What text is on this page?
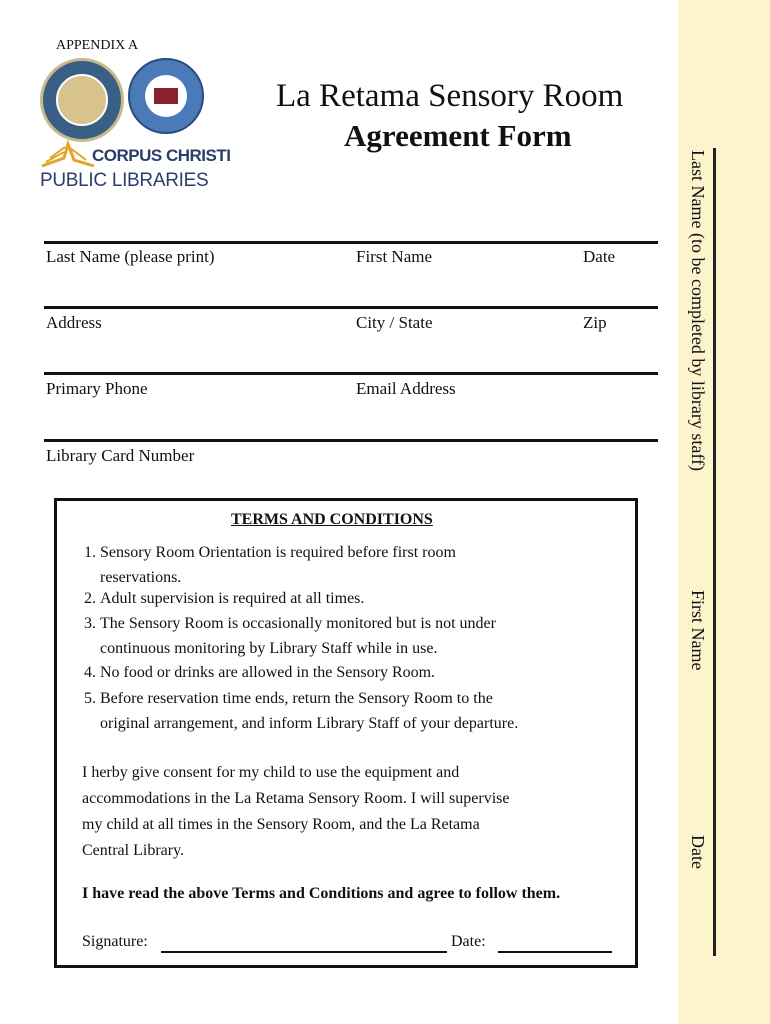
APPENDIX A
CORPUS CHRISTI
PUBLIC LIBRARIES
La Retama Sensory Room
Agreement Form
Last Name (please print)	First Name	Date
Address	City / State	Zip
Primary Phone	Email Address
Library Card Number
TERMS AND CONDITIONS
1. Sensory Room Orientation is required before first room
reservations.
2. Adult supervision is required at all times.
3. The Sensory Room is occasionally monitored but is not under
continuous monitoring by Library Staff while in use.
4. No food or drinks are allowed in the Sensory Room.
5. Before reservation time ends, return the Sensory Room to the
original arrangement, and inform Library Staff of your departure.
I herby give consent for my child to use the equipment and
accommodations in the La Retama Sensory Room. I will supervise
my child at all times in the Sensory Room, and the La Retama
Central Library.
I have read the above Terms and Conditions and agree to follow them.
Signature:	Date:
Last Name (to be completed by library staff)
First Name
Date
